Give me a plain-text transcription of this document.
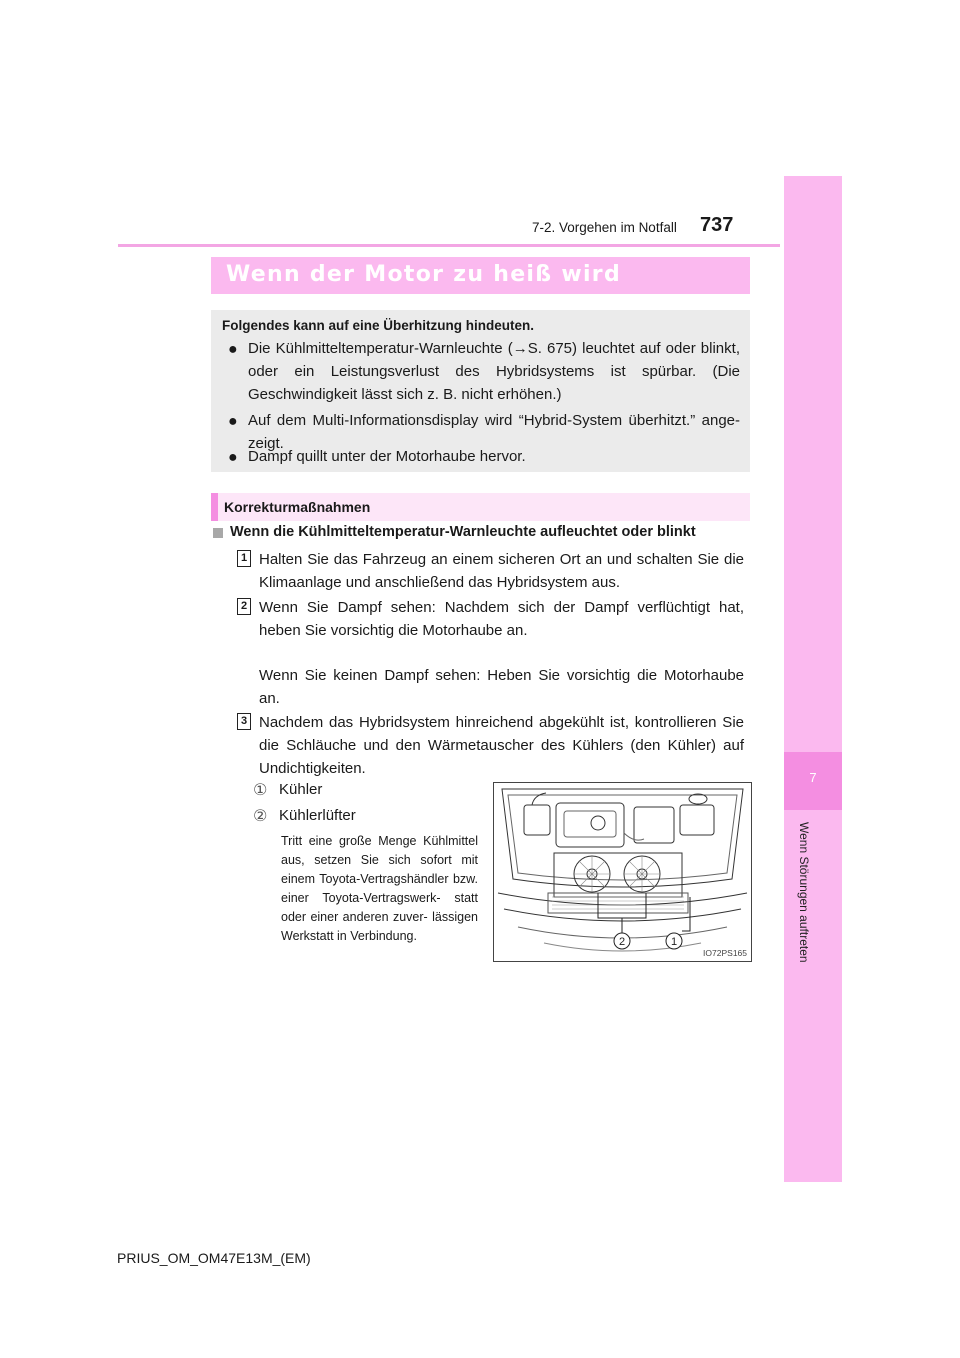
7-2. Vorgehen im Notfall 737
7
Wenn Störungen auftreten
Wenn der Motor zu heiß wird
Folgendes kann auf eine Überhitzung hindeuten.
● Die Kühlmitteltemperatur-Warnleuchte (→S. 675) leuchtet auf oder blinkt, oder ein Leistungsverlust des Hybridsystems ist spürbar. (Die Geschwindigkeit lässt sich z. B. nicht erhöhen.)
● Auf dem Multi-Informationsdisplay wird “Hybrid-System überhitzt.” ange- zeigt.
● Dampf quillt unter der Motorhaube hervor.
Korrekturmaßnahmen
Wenn die Kühlmitteltemperatur-Warnleuchte aufleuchtet oder blinkt
1 Halten Sie das Fahrzeug an einem sicheren Ort an und schalten Sie die Klimaanlage und anschließend das Hybridsystem aus.
2 Wenn Sie Dampf sehen: Nachdem sich der Dampf verflüchtigt hat, heben Sie vorsichtig die Motorhaube an.
Wenn Sie keinen Dampf sehen: Heben Sie vorsichtig die Motorhaube an.
3 Nachdem das Hybridsystem hinreichend abgekühlt ist, kontrollieren Sie die Schläuche und den Wärmetauscher des Kühlers (den Kühler) auf Undichtigkeiten.
① Kühler
② Kühlerlüfter
Tritt eine große Menge Kühlmittel aus, setzen Sie sich sofort mit einem Toyota-Vertragshändler bzw. einer Toyota-Vertragswerk- statt oder einer anderen zuver- lässigen Werkstatt in Verbindung.	2	1
IO72PS165
PRIUS_OM_OM47E13M_(EM)
